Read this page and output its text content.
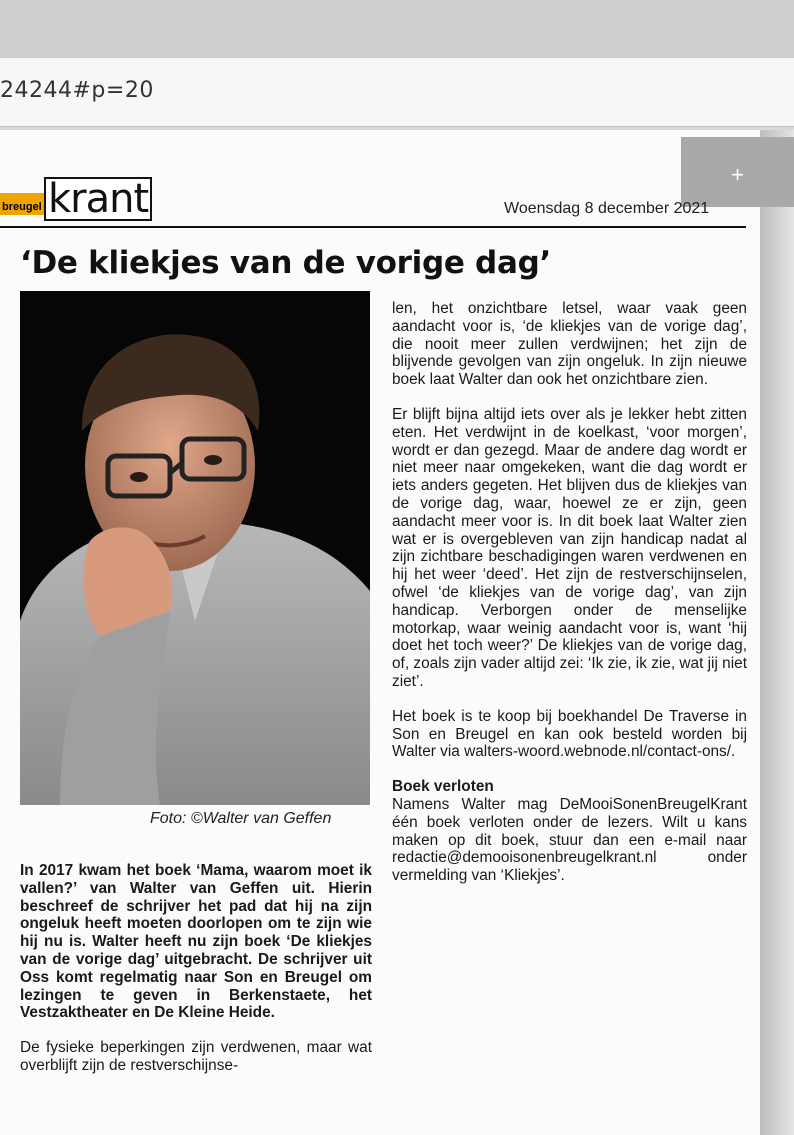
24244#p=20
+
breugel krant	Woensdag 8 december 2021
‘De kliekjes van de vorige dag’
Foto: ©Walter van Geffen

In 2017 kwam het boek ‘Mama, waarom moet ik vallen?’ van Walter van Geffen uit. Hierin beschreef de schrijver het pad dat hij na zijn ongeluk heeft moeten doorlopen om te zijn wie hij nu is. Walter heeft nu zijn boek ‘De kliekjes van de vorige dag’ uitgebracht. De schrijver uit Oss komt regelmatig naar Son en Breugel om lezingen te geven in Berkenstaete, het Vestzaktheater en De Kleine Heide.

De fysieke beperkingen zijn verdwenen, maar wat overblijft zijn de restverschijnse-

len, het onzichtbare letsel, waar vaak geen aandacht voor is, ‘de kliekjes van de vorige dag’, die nooit meer zullen verdwijnen; het zijn de blijvende gevolgen van zijn ongeluk. In zijn nieuwe boek laat Walter dan ook het onzichtbare zien.

Er blijft bijna altijd iets over als je lekker hebt zitten eten. Het verdwijnt in de koelkast, ‘voor morgen’, wordt er dan gezegd. Maar de andere dag wordt er niet meer naar omgekeken, want die dag wordt er iets anders gegeten. Het blijven dus de kliekjes van de vorige dag, waar, hoewel ze er zijn, geen aandacht meer voor is. In dit boek laat Walter zien wat er is overgebleven van zijn handicap nadat al zijn zichtbare beschadigingen waren verdwenen en hij het weer ‘deed’. Het zijn de restverschijnselen, ofwel ‘de kliekjes van de vorige dag’, van zijn handicap. Verborgen onder de menselijke motorkap, waar weinig aandacht voor is, want ‘hij doet het toch weer?’ De kliekjes van de vorige dag, of, zoals zijn vader altijd zei: ‘Ik zie, ik zie, wat jij niet ziet’.

Het boek is te koop bij boekhandel De Traverse in Son en Breugel en kan ook besteld worden bij Walter via walters-woord.webnode.nl/contact-ons/.

Boek verloten

Namens Walter mag DeMooiSonenBreugelKrant één boek verloten onder de lezers. Wilt u kans maken op dit boek, stuur dan een e-mail naar redactie@demooisonenbreugelkrant.nl onder vermelding van ‘Kliekjes’.
